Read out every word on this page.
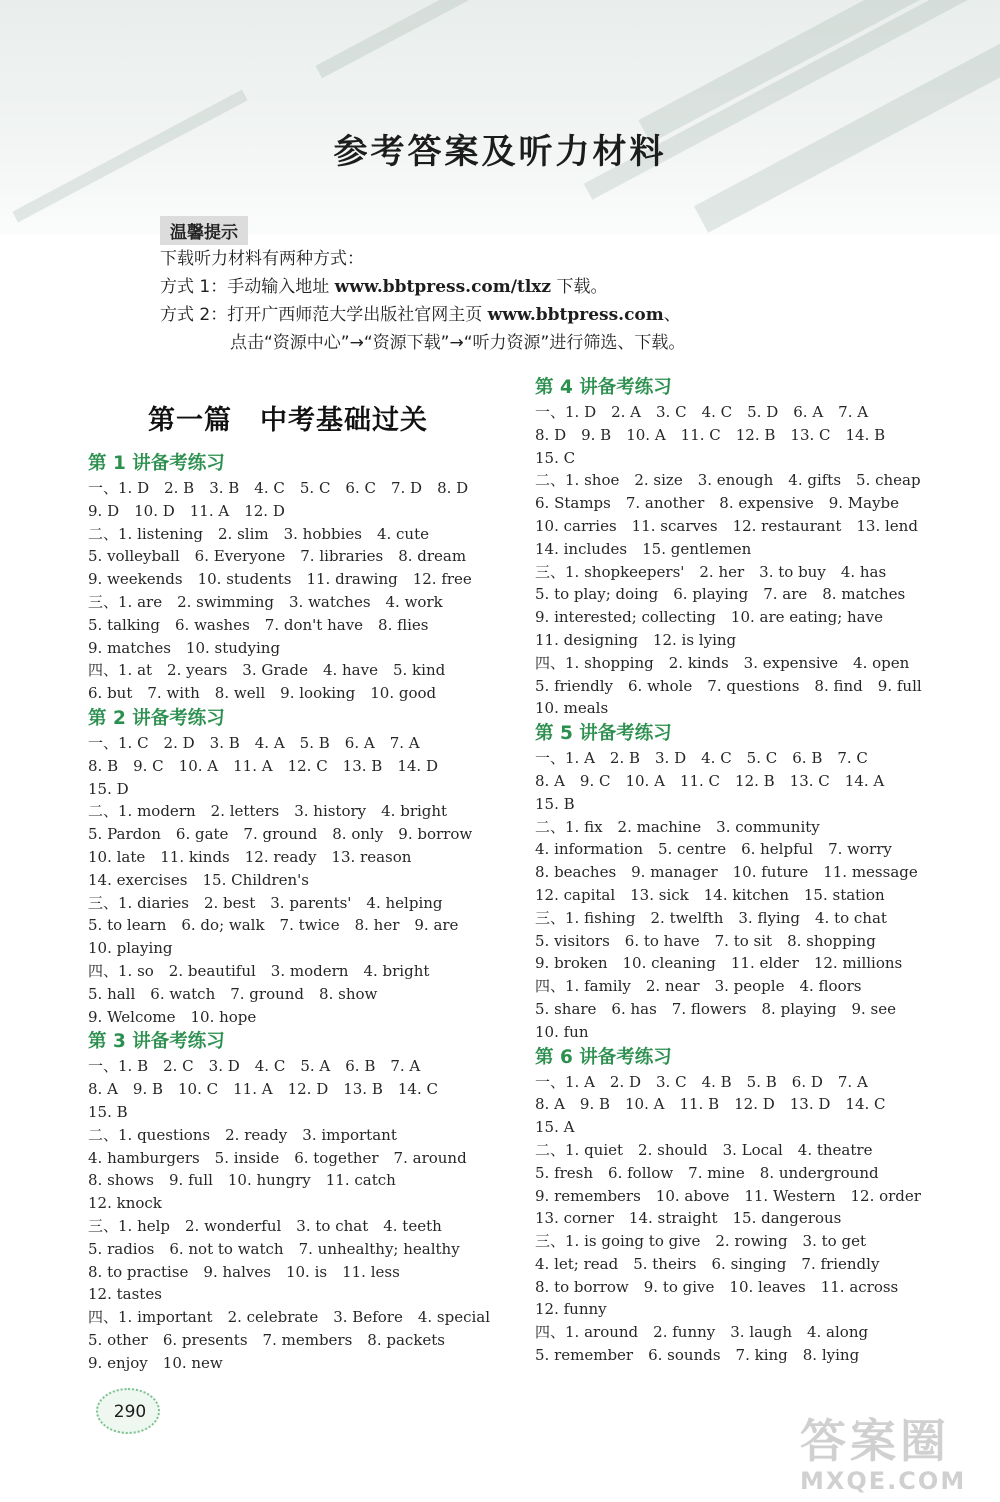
参考答案及听力材料
温馨提示
下载听力材料有两种方式：
方式 1：手动输入地址 www.bbtpress.com/tlxz 下载。
方式 2：打开广西师范大学出版社官网主页 www.bbtpress.com、
点击“资源中心”→“资源下载”→“听力资源”进行筛选、下载。
第一篇　中考基础过关
第 1 讲备考练习
一、1. D　2. B　3. B　4. C　5. C　6. C　7. D　8. D
9. D　10. D　11. A　12. D
二、1. listening　2. slim　3. hobbies　4. cute
5. volleyball　6. Everyone　7. libraries　8. dream
9. weekends　10. students　11. drawing　12. free
三、1. are　2. swimming　3. watches　4. work
5. talking　6. washes　7. don't have　8. flies
9. matches　10. studying
四、1. at　2. years　3. Grade　4. have　5. kind
6. but　7. with　8. well　9. looking　10. good
第 2 讲备考练习
一、1. C　2. D　3. B　4. A　5. B　6. A　7. A
8. B　9. C　10. A　11. A　12. C　13. B　14. D
15. D
二、1. modern　2. letters　3. history　4. bright
5. Pardon　6. gate　7. ground　8. only　9. borrow
10. late　11. kinds　12. ready　13. reason
14. exercises　15. Children's
三、1. diaries　2. best　3. parents'　4. helping
5. to learn　6. do; walk　7. twice　8. her　9. are
10. playing
四、1. so　2. beautiful　3. modern　4. bright
5. hall　6. watch　7. ground　8. show
9. Welcome　10. hope
第 3 讲备考练习
一、1. B　2. C　3. D　4. C　5. A　6. B　7. A
8. A　9. B　10. C　11. A　12. D　13. B　14. C
15. B
二、1. questions　2. ready　3. important
4. hamburgers　5. inside　6. together　7. around
8. shows　9. full　10. hungry　11. catch
12. knock
三、1. help　2. wonderful　3. to chat　4. teeth
5. radios　6. not to watch　7. unhealthy; healthy
8. to practise　9. halves　10. is　11. less
12. tastes
四、1. important　2. celebrate　3. Before　4. special
5. other　6. presents　7. members　8. packets
9. enjoy　10. new
第 4 讲备考练习
一、1. D　2. A　3. C　4. C　5. D　6. A　7. A
8. D　9. B　10. A　11. C　12. B　13. C　14. B
15. C
二、1. shoe　2. size　3. enough　4. gifts　5. cheap
6. Stamps　7. another　8. expensive　9. Maybe
10. carries　11. scarves　12. restaurant　13. lend
14. includes　15. gentlemen
三、1. shopkeepers'　2. her　3. to buy　4. has
5. to play; doing　6. playing　7. are　8. matches
9. interested; collecting　10. are eating; have
11. designing　12. is lying
四、1. shopping　2. kinds　3. expensive　4. open
5. friendly　6. whole　7. questions　8. find　9. full
10. meals
第 5 讲备考练习
一、1. A　2. B　3. D　4. C　5. C　6. B　7. C
8. A　9. C　10. A　11. C　12. B　13. C　14. A
15. B
二、1. fix　2. machine　3. community
4. information　5. centre　6. helpful　7. worry
8. beaches　9. manager　10. future　11. message
12. capital　13. sick　14. kitchen　15. station
三、1. fishing　2. twelfth　3. flying　4. to chat
5. visitors　6. to have　7. to sit　8. shopping
9. broken　10. cleaning　11. elder　12. millions
四、1. family　2. near　3. people　4. floors
5. share　6. has　7. flowers　8. playing　9. see
10. fun
第 6 讲备考练习
一、1. A　2. D　3. C　4. B　5. B　6. D　7. A
8. A　9. B　10. A　11. B　12. D　13. D　14. C
15. A
二、1. quiet　2. should　3. Local　4. theatre
5. fresh　6. follow　7. mine　8. underground
9. remembers　10. above　11. Western　12. order
13. corner　14. straight　15. dangerous
三、1. is going to give　2. rowing　3. to get
4. let; read　5. theirs　6. singing　7. friendly
8. to borrow　9. to give　10. leaves　11. across
12. funny
四、1. around　2. funny　3. laugh　4. along
5. remember　6. sounds　7. king　8. lying
290
答案圈
MXQE.COM
